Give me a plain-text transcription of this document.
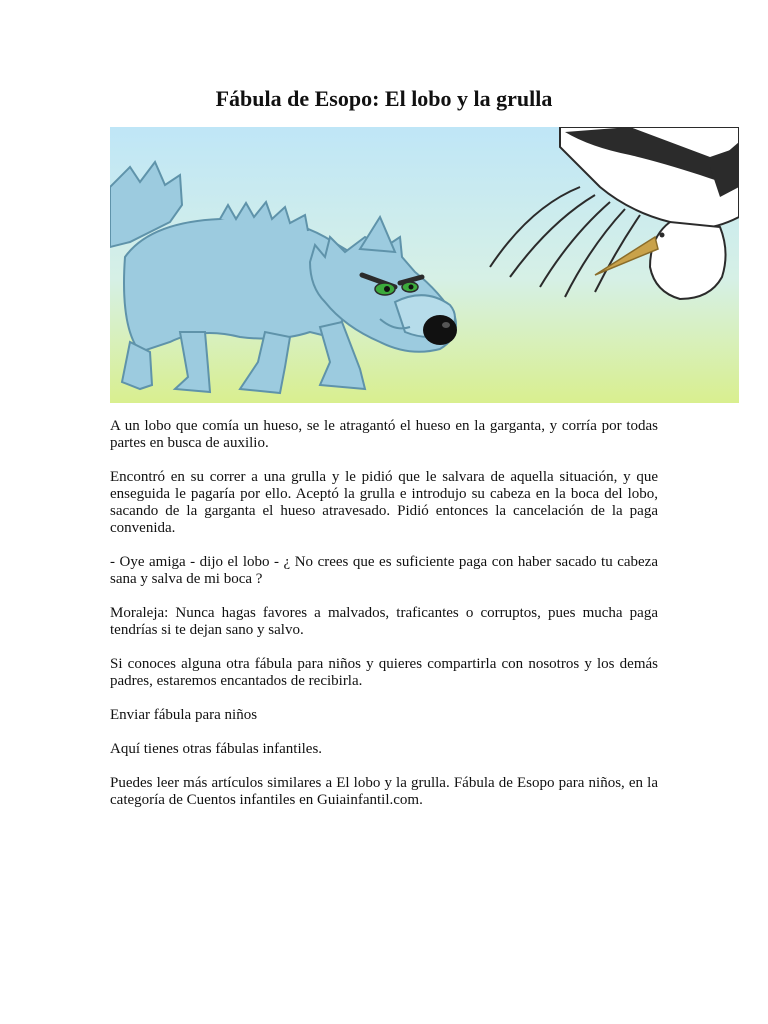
Fábula de Esopo: El lobo y la grulla

A un lobo que comía un hueso, se le atragantó el hueso en la garganta, y corría por todas partes en busca de auxilio.

Encontró en su correr a una grulla y le pidió que le salvara de aquella situación, y que enseguida le pagaría por ello. Aceptó la grulla e introdujo su cabeza en la boca del lobo, sacando de la garganta el hueso atravesado. Pidió entonces la cancelación de la paga convenida.

- Oye amiga - dijo el lobo - ¿ No crees que es suficiente paga con haber sacado tu cabeza sana y salva de mi boca ?

Moraleja: Nunca hagas favores a malvados, traficantes o corruptos, pues mucha paga tendrías si te dejan sano y salvo.

Si conoces alguna otra fábula para niños y quieres compartirla con nosotros y los demás padres, estaremos encantados de recibirla.

Enviar fábula para niños

Aquí tienes otras fábulas infantiles.

Puedes leer más artículos similares a El lobo y la grulla. Fábula de Esopo para niños, en la categoría de Cuentos infantiles en Guiainfantil.com.
